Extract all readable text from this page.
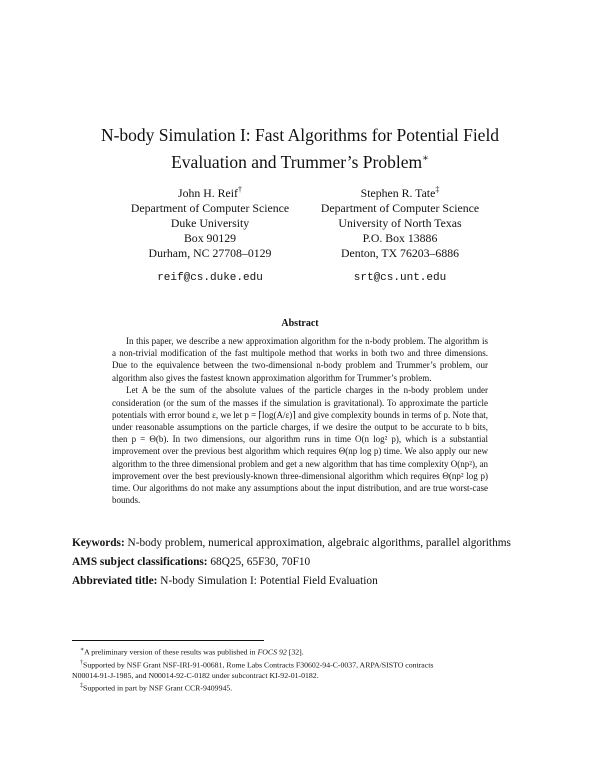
N-body Simulation I: Fast Algorithms for Potential Field
Evaluation and Trummer’s Problem∗
John H. Reif†
Department of Computer Science
Duke University
Box 90129
Durham, NC 27708–0129
reif@cs.duke.edu
Stephen R. Tate‡
Department of Computer Science
University of North Texas
P.O. Box 13886
Denton, TX 76203–6886
srt@cs.unt.edu
Abstract

In this paper, we describe a new approximation algorithm for the n-body problem. The algorithm is a non-trivial modification of the fast multipole method that works in both two and three dimensions. Due to the equivalence between the two-dimensional n-body problem and Trummer’s problem, our algorithm also gives the fastest known approximation algorithm for Trummer’s problem.

Let A be the sum of the absolute values of the particle charges in the n-body problem under consideration (or the sum of the masses if the simulation is gravitational). To approximate the particle potentials with error bound ε, we let p = ⌈log(A/ε)⌉ and give complexity bounds in terms of p. Note that, under reasonable assumptions on the particle charges, if we desire the output to be accurate to b bits, then p = Θ(b). In two dimensions, our algorithm runs in time O(n log² p), which is a substantial improvement over the previous best algorithm which requires Θ(np log p) time. We also apply our new algorithm to the three dimensional problem and get a new algorithm that has time complexity O(np²), an improvement over the best previously-known three-dimensional algorithm which requires Θ(np² log p) time. Our algorithms do not make any assumptions about the input distribution, and are true worst-case bounds.

Keywords: N-body problem, numerical approximation, algebraic algorithms, parallel algorithms
AMS subject classifications: 68Q25, 65F30, 70F10
Abbreviated title: N-body Simulation I: Potential Field Evaluation

∗A preliminary version of these results was published in FOCS 92 [32].

†Supported by NSF Grant NSF-IRI-91-00681, Rome Labs Contracts F30602-94-C-0037, ARPA/SISTO contracts
N00014-91-J-1985, and N00014-92-C-0182 under subcontract KI-92-01-0182.

‡Supported in part by NSF Grant CCR-9409945.
